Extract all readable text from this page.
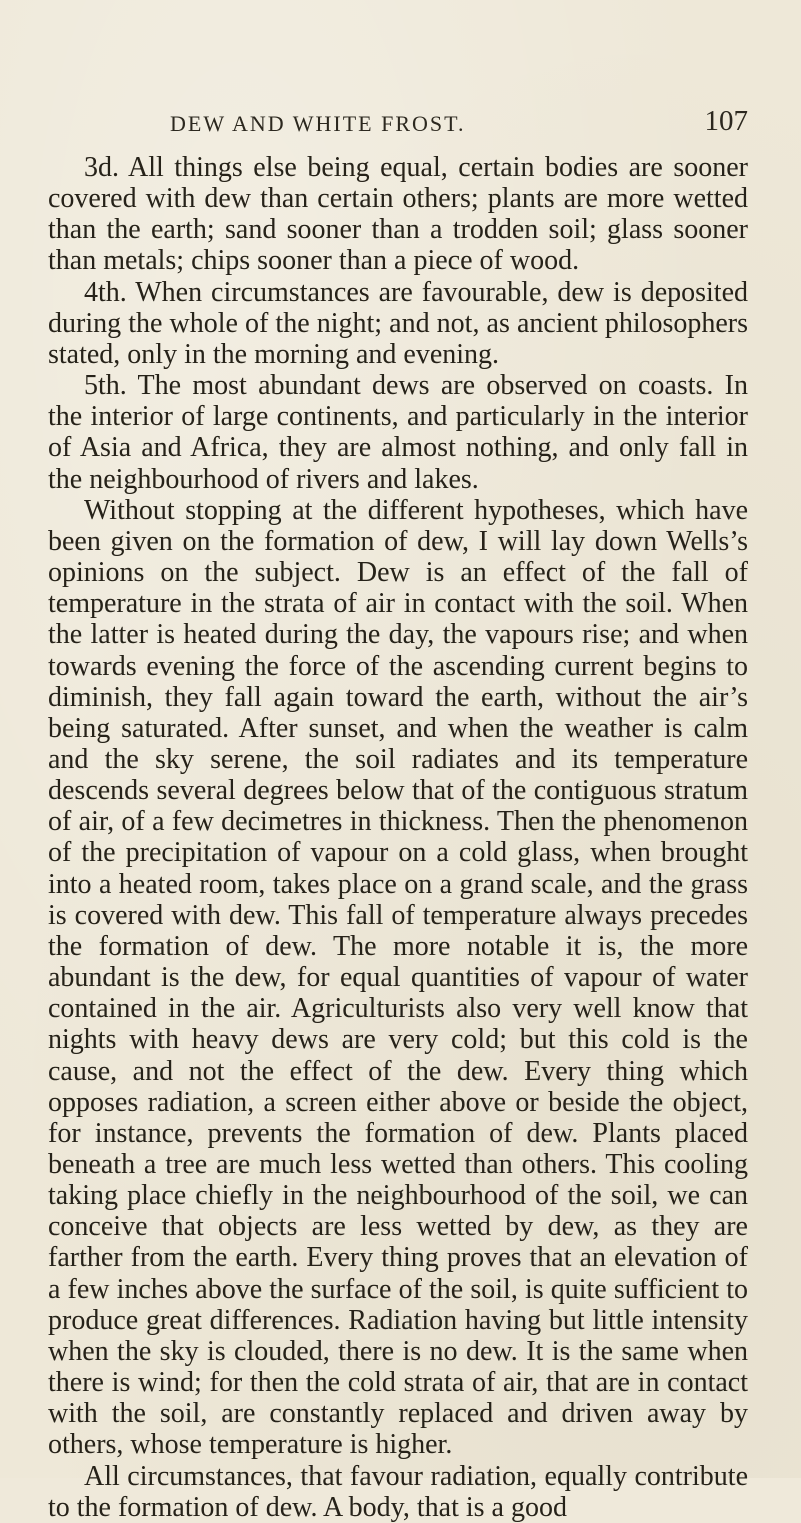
DEW AND WHITE FROST.	107

3d. All things else being equal, certain bodies are sooner covered with dew than certain others; plants are more wetted than the earth; sand sooner than a trodden soil; glass sooner than metals; chips sooner than a piece of wood.

4th. When circumstances are favourable, dew is deposited during the whole of the night; and not, as ancient philosophers stated, only in the morning and evening.

5th. The most abundant dews are observed on coasts. In the interior of large continents, and particularly in the interior of Asia and Africa, they are almost nothing, and only fall in the neighbourhood of rivers and lakes.

Without stopping at the different hypotheses, which have been given on the formation of dew, I will lay down Wells’s opinions on the subject. Dew is an effect of the fall of temperature in the strata of air in contact with the soil. When the latter is heated during the day, the vapours rise; and when towards evening the force of the ascending current begins to diminish, they fall again toward the earth, without the air’s being saturated. After sunset, and when the weather is calm and the sky serene, the soil radiates and its temperature descends several degrees below that of the contiguous stratum of air, of a few decimetres in thickness. Then the phenomenon of the precipitation of vapour on a cold glass, when brought into a heated room, takes place on a grand scale, and the grass is covered with dew. This fall of temperature always precedes the formation of dew. The more notable it is, the more abundant is the dew, for equal quantities of vapour of water contained in the air. Agriculturists also very well know that nights with heavy dews are very cold; but this cold is the cause, and not the effect of the dew. Every thing which opposes radiation, a screen either above or beside the object, for instance, prevents the formation of dew. Plants placed beneath a tree are much less wetted than others. This cooling taking place chiefly in the neighbourhood of the soil, we can conceive that objects are less wetted by dew, as they are farther from the earth. Every thing proves that an elevation of a few inches above the surface of the soil, is quite sufficient to produce great differences. Radiation having but little intensity when the sky is clouded, there is no dew. It is the same when there is wind; for then the cold strata of air, that are in contact with the soil, are constantly replaced and driven away by others, whose temperature is higher.

All circumstances, that favour radiation, equally contribute to the formation of dew. A body, that is a good
